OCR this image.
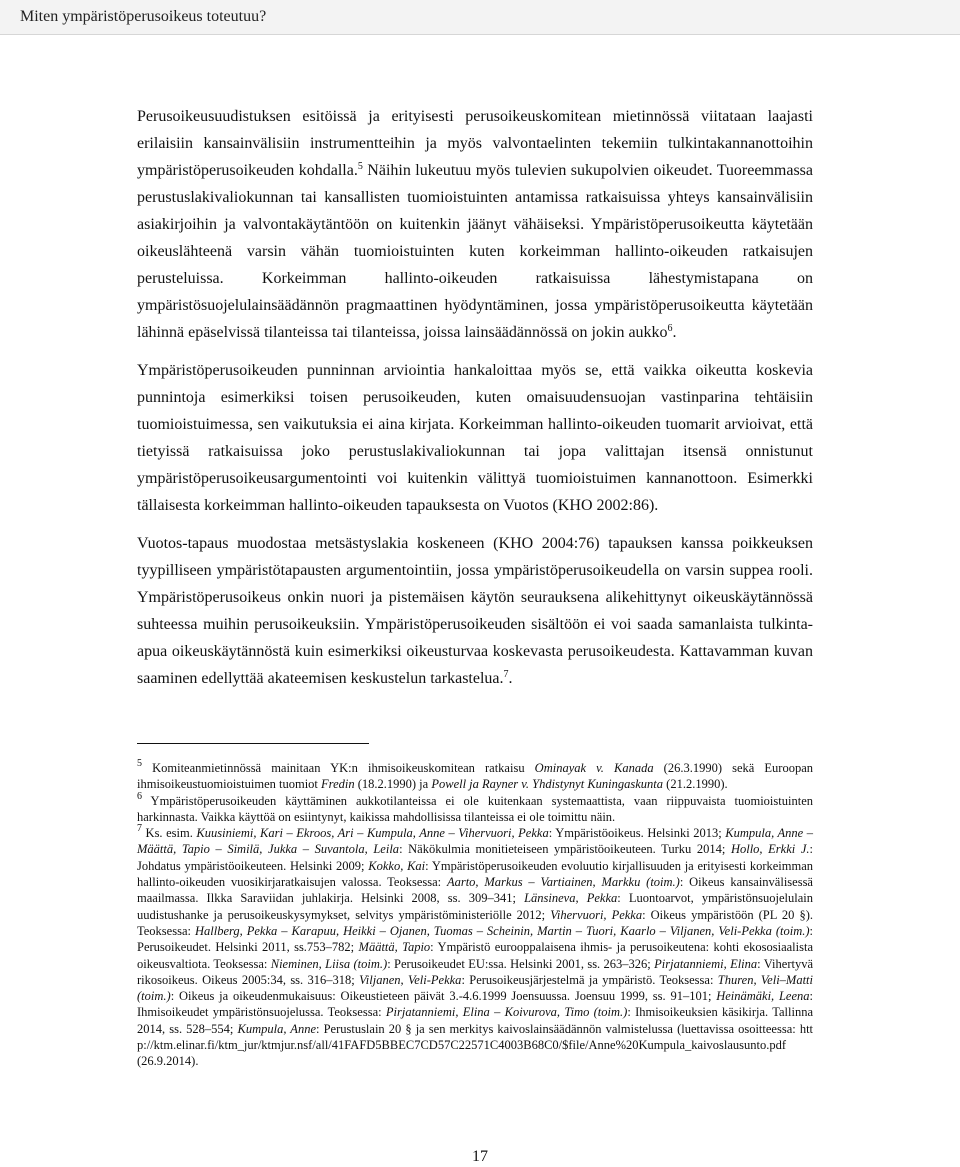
Miten ympäristöperusoikeus toteutuu?

Perusoikeusuudistuksen esitöissä ja erityisesti perusoikeuskomitean mietinnössä viitataan laajasti erilaisiin kansainvälisiin instrumentteihin ja myös valvontaelinten tekemiin tulkintakannanottoihin ympäristöperusoikeuden kohdalla.$^5$ Näihin lukeutuu myös tulevien sukupolvien oikeudet. Tuoreemmassa perustuslakivaliokunnan tai kansallisten tuomioistuinten antamissa ratkaisuissa yhteys kansainvälisiin asiakirjoihin ja valvontakäytäntöön on kuitenkin jäänyt vähäiseksi. Ympäristöperusoikeutta käytetään oikeuslähteenä varsin vähän tuomioistuinten kuten korkeimman hallinto-oikeuden ratkaisujen perusteluissa. Korkeimman hallinto-oikeuden ratkaisuissa lähestymistapana on ympäristösuojelulainsäädännön pragmaattinen hyödyntäminen, jossa ympäristöperusoikeutta käytetään lähinnä epäselvissä tilanteissa tai tilanteissa, joissa lainsäädännössä on jokin aukko$^6$.

Ympäristöperusoikeuden punninnan arviointia hankaloittaa myös se, että vaikka oikeutta koskevia punnintoja esimerkiksi toisen perusoikeuden, kuten omaisuudensuojan vastinparina tehtäisiin tuomioistuimessa, sen vaikutuksia ei aina kirjata. Korkeimman hallinto-oikeuden tuomarit arvioivat, että tietyissä ratkaisuissa joko perustuslakivaliokunnan tai jopa valittajan itsensä onnistunut ympäristöperusoikeusargumentointi voi kuitenkin välittyä tuomioistuimen kannanottoon. Esimerkki tällaisesta korkeimman hallinto-oikeuden tapauksesta on Vuotos (KHO 2002:86).

Vuotos-tapaus muodostaa metsästyslakia koskeneen (KHO 2004:76) tapauksen kanssa poikkeuksen tyypilliseen ympäristötapausten argumentointiin, jossa ympäristöperusoikeudella on varsin suppea rooli. Ympäristöperusoikeus onkin nuori ja pistemäisen käytön seurauksena alikehittynyt oikeuskäytännössä suhteessa muihin perusoikeuksiin. Ympäristöperusoikeuden sisältöön ei voi saada samanlaista tulkinta-apua oikeuskäytännöstä kuin esimerkiksi oikeusturvaa koskevasta perusoikeudesta. Kattavamman kuvan saaminen edellyttää akateemisen keskustelun tarkastelua.$^7$.

$^5$ Komiteanmietinnössä mainitaan YK:n ihmisoikeuskomitean ratkaisu Ominayak v. Kanada (26.3.1990) sekä Euroopan ihmisoikeustuomioistuimen tuomiot Fredin (18.2.1990) ja Powell ja Rayner v. Yhdistynyt Kuningaskunta (21.2.1990).

$^6$ Ympäristöperusoikeuden käyttäminen aukkotilanteissa ei ole kuitenkaan systemaattista, vaan riippuvaista tuomioistuinten harkinnasta. Vaikka käyttöä on esiintynyt, kaikissa mahdollisissa tilanteissa ei ole toimittu näin.

$^7$ Ks. esim. Kuusiniemi, Kari – Ekroos, Ari – Kumpula, Anne – Vihervuori, Pekka: Ympäristöoikeus. Helsinki 2013; Kumpula, Anne – Määttä, Tapio – Similä, Jukka – Suvantola, Leila: Näkökulmia monitieteiseen ympäristöoikeuteen. Turku 2014; Hollo, Erkki J.: Johdatus ympäristöoikeuteen. Helsinki 2009; Kokko, Kai: Ympäristöperusoikeuden evoluutio kirjallisuuden ja erityisesti korkeimman hallinto-oikeuden vuosikirjaratkaisujen valossa. Teoksessa: Aarto, Markus – Vartiainen, Markku (toim.): Oikeus kansainvälisessä maailmassa. Ilkka Saraviidan juhlakirja. Helsinki 2008, ss. 309–341; Länsineva, Pekka: Luontoarvot, ympäristönsuojelulain uudistushanke ja perusoikeuskysymykset, selvitys ympäristöministeriölle 2012; Vihervuori, Pekka: Oikeus ympäristöön (PL 20 §). Teoksessa: Hallberg, Pekka – Karapuu, Heikki – Ojanen, Tuomas – Scheinin, Martin – Tuori, Kaarlo – Viljanen, Veli-Pekka (toim.): Perusoikeudet. Helsinki 2011, ss.753–782; Määttä, Tapio: Ympäristö eurooppalaisena ihmis- ja perusoikeutena: kohti ekososiaalista oikeusvaltiota. Teoksessa: Nieminen, Liisa (toim.): Perusoikeudet EU:ssa. Helsinki 2001, ss. 263–326; Pirjatanniemi, Elina: Vihertyvä rikosoikeus. Oikeus 2005:34, ss. 316–318; Viljanen, Veli-Pekka: Perusoikeusjärjestelmä ja ympäristö. Teoksessa: Thuren, Veli–Matti (toim.): Oikeus ja oikeudenmukaisuus: Oikeustieteen päivät 3.-4.6.1999 Joensuussa. Joensuu 1999, ss. 91–101; Heinämäki, Leena: Ihmisoikeudet ympäristönsuojelussa. Teoksessa: Pirjatanniemi, Elina – Koivurova, Timo (toim.): Ihmisoikeuksien käsikirja. Tallinna 2014, ss. 528–554; Kumpula, Anne: Perustuslain 20 § ja sen merkitys kaivoslainsäädännön valmistelussa (luettavissa osoitteessa: http://ktm.elinar.fi/ktm_jur/ktmjur.nsf/all/41FAFD5BBEC7CD57C22571C4003B68C0/$file/Anne%20Kumpula_kaivoslausunto.pdf (26.9.2014).

17
